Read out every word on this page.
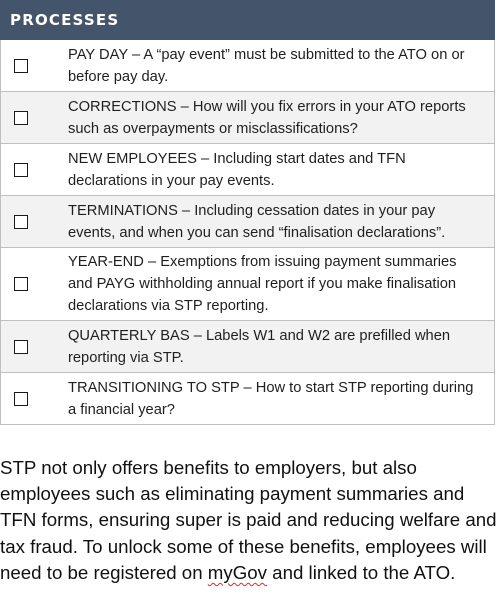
PROCESSES
PAY DAY – A “pay event” must be submitted to the ATO on or before pay day.
CORRECTIONS – How will you fix errors in your ATO reports such as overpayments or misclassifications?
NEW EMPLOYEES – Including start dates and TFN declarations in your pay events.
TERMINATIONS – Including cessation dates in your pay events, and when you can send “finalisation declarations”.
YEAR-END – Exemptions from issuing payment summaries and PAYG withholding annual report if you make finalisation declarations via STP reporting.
QUARTERLY BAS – Labels W1 and W2 are prefilled when reporting via STP.
TRANSITIONING TO STP – How to start STP reporting during a financial year?

STP not only offers benefits to employers, but also employees such as eliminating payment summaries and TFN forms, ensuring super is paid and reducing welfare and tax fraud. To unlock some of these benefits, employees will need to be registered on myGov and linked to the ATO.
